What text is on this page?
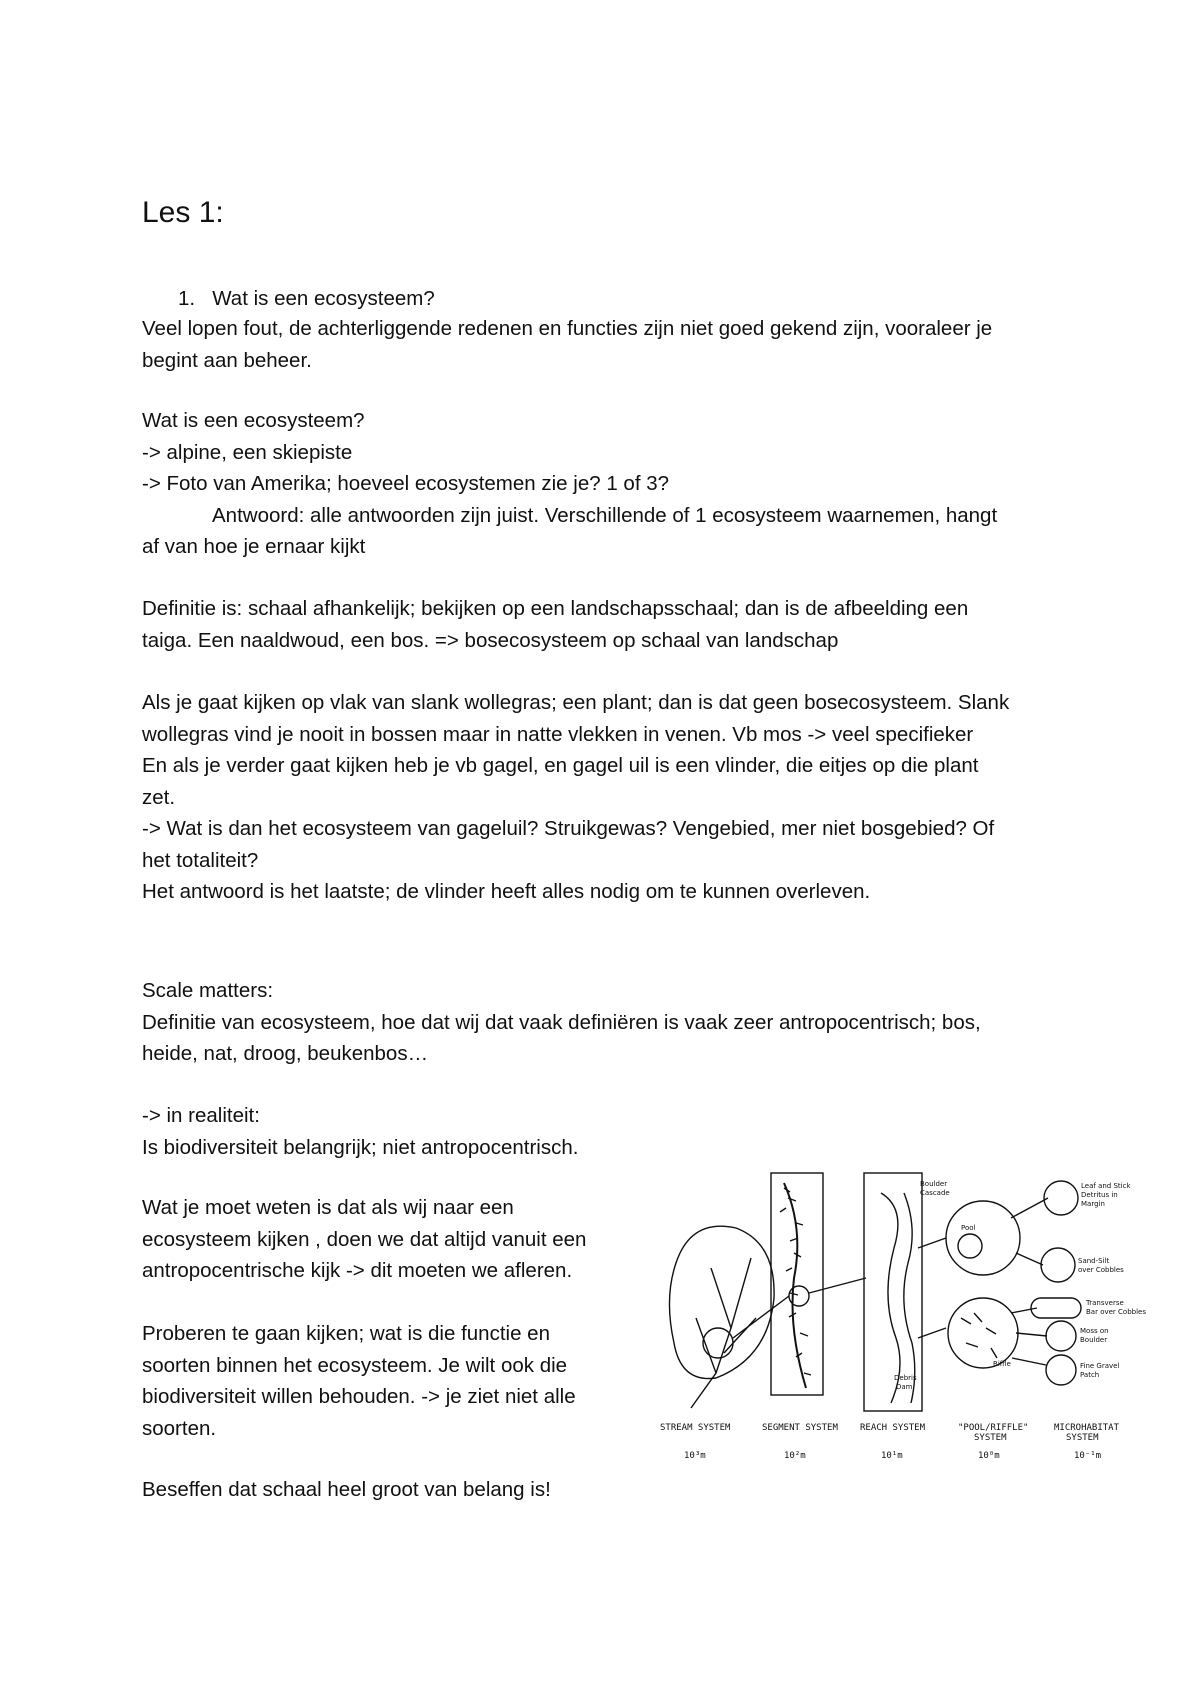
Les 1:

1. Wat is een ecosysteem?

Veel lopen fout, de achterliggende redenen en functies zijn niet goed gekend zijn, vooraleer je

begint aan beheer.

Wat is een ecosysteem?

-> alpine, een skiepiste

-> Foto van Amerika; hoeveel ecosystemen zie je? 1 of 3?

Antwoord: alle antwoorden zijn juist. Verschillende of 1 ecosysteem waarnemen, hangt

af van hoe je ernaar kijkt

Definitie is: schaal afhankelijk; bekijken op een landschapsschaal; dan is de afbeelding een

taiga. Een naaldwoud, een bos. => bosecosysteem op schaal van landschap

Als je gaat kijken op vlak van slank wollegras; een plant; dan is dat geen bosecosysteem. Slank

wollegras vind je nooit in bossen maar in natte vlekken in venen. Vb mos -> veel specifieker

En als je verder gaat kijken heb je vb gagel, en gagel uil is een vlinder, die eitjes op die plant

zet.

-> Wat is dan het ecosysteem van gageluil? Struikgewas? Vengebied, mer niet bosgebied? Of

het totaliteit?

Het antwoord is het laatste; de vlinder heeft alles nodig om te kunnen overleven.

Scale matters:

Definitie van ecosysteem, hoe dat wij dat vaak definiëren is vaak zeer antropocentrisch; bos,

heide, nat, droog, beukenbos…

-> in realiteit:

Is biodiversiteit belangrijk; niet antropocentrisch.

Wat je moet weten is dat als wij naar een

ecosysteem kijken , doen we dat altijd vanuit een

antropocentrische kijk -> dit moeten we afleren.

Proberen te gaan kijken; wat is die functie en

soorten binnen het ecosysteem. Je wilt ook die

biodiversiteit willen behouden. -> je ziet niet alle

soorten.

Beseffen dat schaal heel groot van belang is!

Boulder
Cascade
Pool
Riffle
Debris
Dam
Leaf and Stick
Detritus in
Margin
Sand-Silt
over Cobbles
Transverse
Bar over Cobbles
Moss on
Boulder
Fine Gravel
Patch
STREAM SYSTEM	SEGMENT SYSTEM REACH SYSTEM	"POOL/RIFFLE"
SYSTEM
MICROHABITAT
SYSTEM
10³m	10²m	10¹m	10⁰m	10⁻¹m
